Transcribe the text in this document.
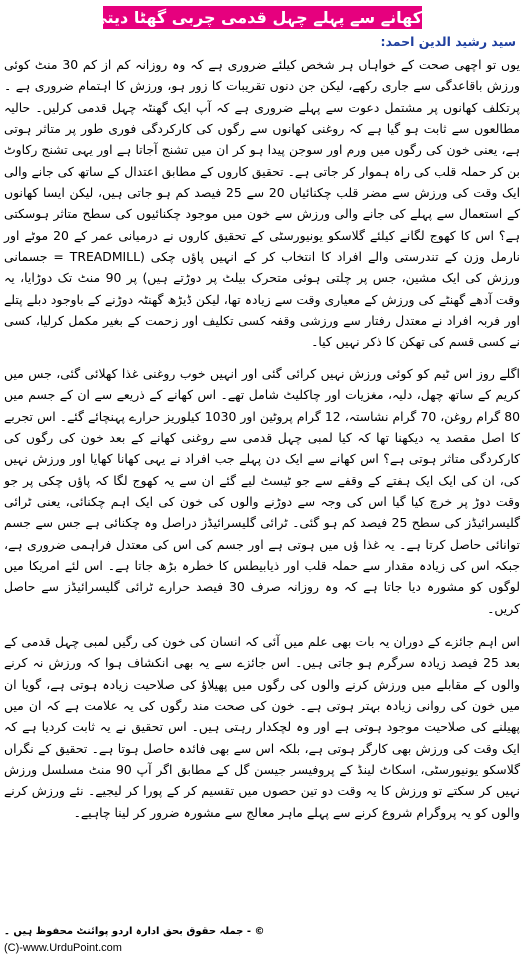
کھانے سے پہلے چہل قدمی چربی گھٹا دیتی ہے
سید رشید الدین احمد:

یوں تو اچھی صحت کے خواہاں ہر شخص کیلئے ضروری ہے کہ وہ روزانہ کم از کم 30 منٹ کوئی ورزش باقاعدگی سے جاری رکھے، لیکن جن دنوں تقریبات کا زور ہو، ورزش کا اہتمام ضروری ہے ۔ پرتکلف کھانوں پر مشتمل دعوت سے پہلے ضروری ہے کہ آپ ایک گھنٹہ چہل قدمی کرلیں۔ حالیہ مطالعوں سے ثابت ہو گیا ہے کہ روغنی کھانوں سے رگوں کی کارکردگی فوری طور پر متاثر ہوتی ہے، یعنی خون کی رگوں میں ورم اور سوجن پیدا ہو کر ان میں تشنج آجاتا ہے اور یہی تشنج رکاوٹ بن کر حملہ قلب کی راہ ہموار کر جاتی ہے۔ تحقیق کاروں کے مطابق اعتدال کے ساتھ کی جانے والی ایک وقت کی ورزش سے مضر قلب چکنائیاں 20 سے 25 فیصد کم ہو جاتی ہیں، لیکن ایسا کھانوں کے استعمال سے پہلے کی جانے والی ورزش سے خون میں موجود چکنائیوں کی سطح متاثر ہوسکتی ہے؟ اس کا کھوج لگانے کیلئے گلاسکو یونیورسٹی کے تحقیق کاروں نے درمیانی عمر کے 20 موٹے اور نارمل وزن کے تندرستی والے افراد کا انتخاب کر کے انہیں پاؤں چکی (TREADMILL = جسمانی ورزش کی ایک مشین، جس پر چلتی ہوئی متحرک بیلٹ پر دوڑتے ہیں) پر 90 منٹ تک دوڑایا، یہ وقت آدھے گھنٹے کی ورزش کے معیاری وقت سے زیادہ تھا، لیکن ڈیڑھ گھنٹہ دوڑنے کے باوجود دبلے پتلے اور فربہ افراد نے معتدل رفتار سے ورزشی وقفہ کسی تکلیف اور زحمت کے بغیر مکمل کرلیا، کسی نے کسی قسم کی تھکن کا ذکر نہیں کیا۔

اگلے روز اس ٹیم کو کوئی ورزش نہیں کرائی گئی اور انہیں خوب روغنی غذا کھلائی گئی، جس میں کریم کے ساتھ چھل، دلیہ، مغزیات اور چاکلیٹ شامل تھے۔ اس کھانے کے ذریعے سے ان کے جسم میں 80 گرام روغن، 70 گرام نشاستہ، 12 گرام پروٹین اور 1030 کیلوریز حرارے پہنچائے گئے۔ اس تجربے کا اصل مقصد یہ دیکھنا تھا کہ کیا لمبی چہل قدمی سے روغنی کھانے کے بعد خون کی رگوں کی کارکردگی متاثر ہوتی ہے؟ اس کھانے سے ایک دن پہلے جب افراد نے یہی کھانا کھایا اور ورزش نہیں کی، ان کی ایک ایک ہفتے کے وقفے سے جو ٹیسٹ لیے گئے ان سے یہ کھوج لگا کہ پاؤں چکی پر جو وقت دوڑ پر خرچ کیا گیا اس کی وجہ سے دوڑنے والوں کی خون کی ایک اہم چکنائی، یعنی ٹرائی گلیسرائیڈز کی سطح 25 فیصد کم ہو گئی۔ ٹرائی گلیسرائیڈز دراصل وہ چکنائی ہے جس سے جسم توانائی حاصل کرتا ہے۔ یہ غذا ؤں میں ہوتی ہے اور جسم کی اس کی معتدل فراہمی ضروری ہے، جبکہ اس کی زیادہ مقدار سے حملہ قلب اور ذیابیطس کا خطرہ بڑھ جاتا ہے۔ اس لئے امریکا میں لوگوں کو مشورہ دیا جاتا ہے کہ وہ روزانہ صرف 30 فیصد حرارے ٹرائی گلیسرائیڈز سے حاصل کریں۔

اس اہم جائزے کے دوران یہ بات بھی علم میں آئی کہ انسان کی خون کی رگیں لمبی چہل قدمی کے بعد 25 فیصد زیادہ سرگرم ہو جاتی ہیں۔ اس جائزے سے یہ بھی انکشاف ہوا کہ ورزش نہ کرنے والوں کے مقابلے میں ورزش کرنے والوں کی رگوں میں پھیلاؤ کی صلاحیت زیادہ ہوتی ہے، گویا ان میں خون کی روانی زیادہ بہتر ہوتی ہے۔ خون کی صحت مند رگوں کی یہ علامت ہے کہ ان میں پھیلنے کی صلاحیت موجود ہوتی ہے اور وہ لچکدار رہتی ہیں۔ اس تحقیق نے یہ ثابت کردیا ہے کہ ایک وقت کی ورزش بھی کارگر ہوتی ہے، بلکہ اس سے بھی فائدہ حاصل ہوتا ہے۔ تحقیق کے نگراں گلاسکو یونیورسٹی، اسکاٹ لینڈ کے پروفیسر جیسن گل کے مطابق اگر آپ 90 منٹ مسلسل ورزش نہیں کر سکتے تو ورزش کا یہ وقت دو تین حصوں میں تقسیم کر کے پورا کر لیجیے۔ نئے ورزش کرنے والوں کو یہ پروگرام شروع کرنے سے پہلے ماہر معالج سے مشورہ ضرور کر لینا چاہیے۔

© - جملہ حقوق بحق ادارہ اردو پوائنٹ محفوظ ہیں ۔
(C)-www.UrduPoint.com
